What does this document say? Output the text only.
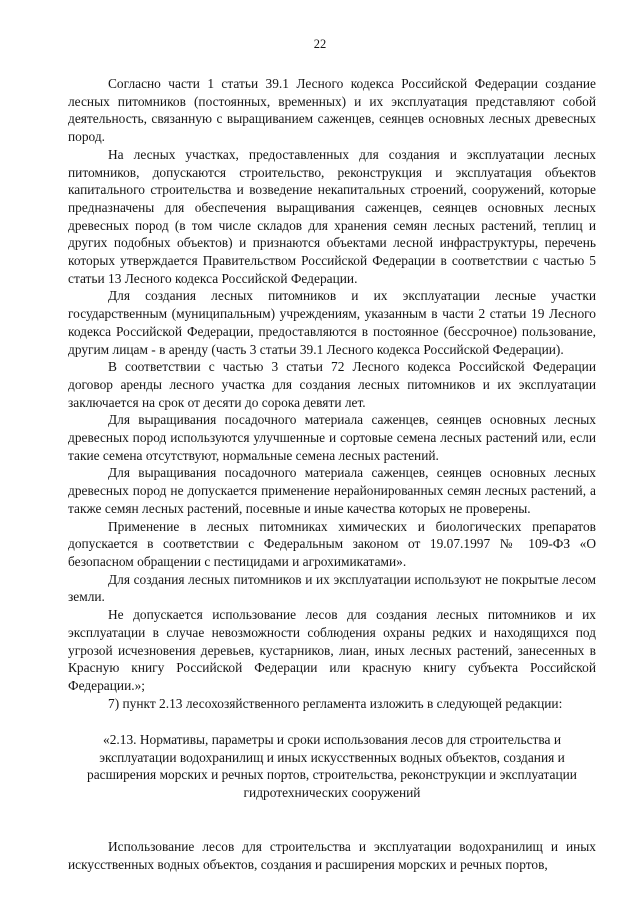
22

Согласно части 1 статьи 39.1 Лесного кодекса Российской Федерации создание лесных питомников (постоянных, временных) и их эксплуатация представляют собой деятельность, связанную с выращиванием саженцев, сеянцев основных лесных древесных пород.

На лесных участках, предоставленных для создания и эксплуатации лесных питомников, допускаются строительство, реконструкция и эксплуатация объектов капитального строительства и возведение некапитальных строений, сооружений, которые предназначены для обеспечения выращивания саженцев, сеянцев основных лесных древесных пород (в том числе складов для хранения семян лесных растений, теплиц и других подобных объектов) и признаются объектами лесной инфраструктуры, перечень которых утверждается Правительством Российской Федерации в соответствии с частью 5 статьи 13 Лесного кодекса Российской Федерации.

Для создания лесных питомников и их эксплуатации лесные участки государственным (муниципальным) учреждениям, указанным в части 2 статьи 19 Лесного кодекса Российской Федерации, предоставляются в постоянное (бессрочное) пользование, другим лицам - в аренду (часть 3 статьи 39.1 Лесного кодекса Российской Федерации).

В соответствии с частью 3 статьи 72 Лесного кодекса Российской Федерации договор аренды лесного участка для создания лесных питомников и их эксплуатации заключается на срок от десяти до сорока девяти лет.

Для выращивания посадочного материала саженцев, сеянцев основных лесных древесных пород используются улучшенные и сортовые семена лесных растений или, если такие семена отсутствуют, нормальные семена лесных растений.

Для выращивания посадочного материала саженцев, сеянцев основных лесных древесных пород не допускается применение нерайонированных семян лесных растений, а также семян лесных растений, посевные и иные качества которых не проверены.

Применение в лесных питомниках химических и биологических препаратов допускается в соответствии с Федеральным законом от 19.07.1997 № 109-ФЗ «О безопасном обращении с пестицидами и агрохимикатами».

Для создания лесных питомников и их эксплуатации используют не покрытые лесом земли.

Не допускается использование лесов для создания лесных питомников и их эксплуатации в случае невозможности соблюдения охраны редких и находящихся под угрозой исчезновения деревьев, кустарников, лиан, иных лесных растений, занесенных в Красную книгу Российской Федерации или красную книгу субъекта Российской Федерации.»;

7) пункт 2.13 лесохозяйственного регламента изложить в следующей редакции:

«2.13. Нормативы, параметры и сроки использования лесов для строительства и эксплуатации водохранилищ и иных искусственных водных объектов, создания и расширения морских и речных портов, строительства, реконструкции и эксплуатации гидротехнических сооружений

Использование лесов для строительства и эксплуатации водохранилищ и иных искусственных водных объектов, создания и расширения морских и речных портов,
